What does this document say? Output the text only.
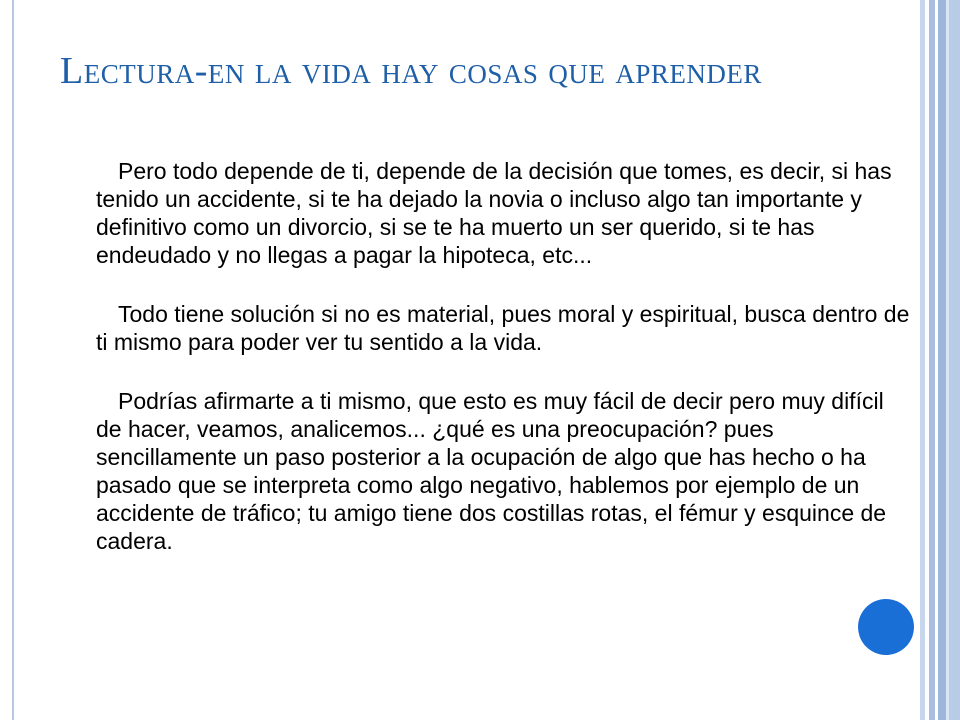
Lectura-en la vida hay cosas que aprender

Pero todo depende de ti, depende de la decisión que tomes, es decir, si has tenido un accidente, si te ha dejado la novia o incluso algo tan importante y definitivo como un divorcio, si se te ha muerto un ser querido, si te has endeudado y no llegas a pagar la hipoteca, etc...

Todo tiene solución si no es material, pues moral y espiritual, busca dentro de ti mismo para poder ver tu sentido a la vida.

Podrías afirmarte a ti mismo, que esto es muy fácil de decir pero muy difícil de hacer, veamos, analicemos... ¿qué es una preocupación? pues sencillamente un paso posterior a la ocupación de algo que has hecho o ha pasado que se interpreta como algo negativo, hablemos por ejemplo de un accidente de tráfico; tu amigo tiene dos costillas rotas, el fémur y esquince de cadera.
